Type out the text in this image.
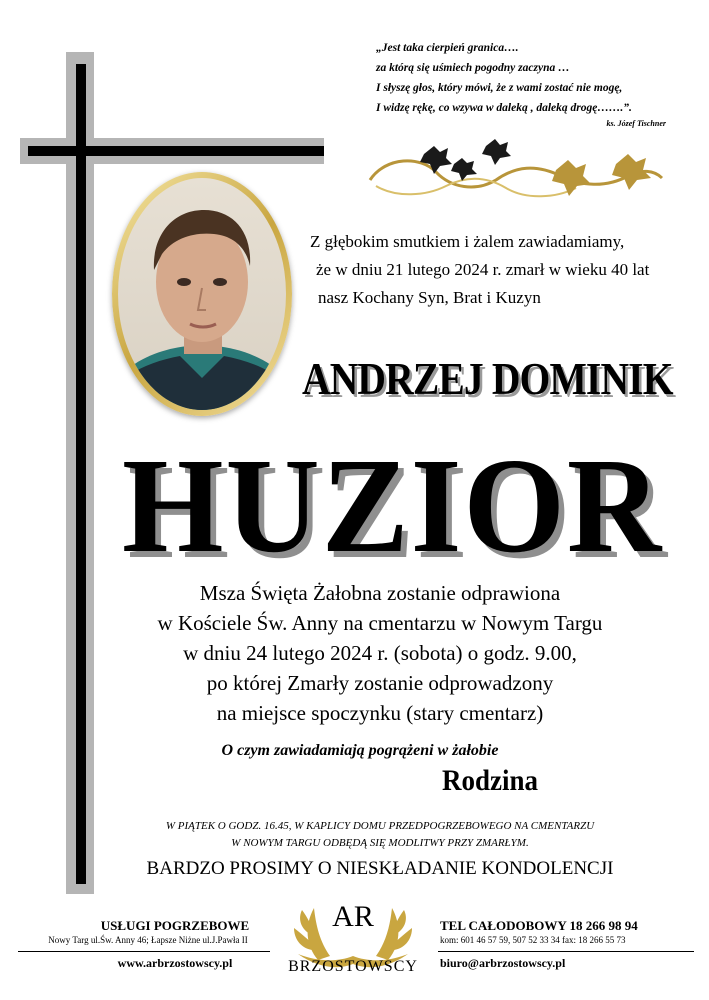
„Jest taka cierpień granica….
za którą się uśmiech pogodny zaczyna …
I słyszę głos, który mówi, że z wami zostać nie mogę,
I widzę rękę, co wzywa w daleką , daleką drogę…….”.
ks. Józef Tischner
Z głębokim smutkiem i żalem zawiadamiamy,
że w dniu 21 lutego 2024 r. zmarł w wieku 40 lat
nasz Kochany Syn, Brat i Kuzyn
ANDRZEJ DOMINIK
HUZIOR
Msza Święta Żałobna zostanie odprawiona
w Kościele Św. Anny na cmentarzu w Nowym Targu
w dniu 24 lutego 2024 r. (sobota) o godz. 9.00,
po której Zmarły zostanie odprowadzony
na miejsce spoczynku (stary cmentarz)
O czym zawiadamiają pogrążeni w żałobie
Rodzina
W PIĄTEK O GODZ. 16.45, W KAPLICY DOMU PRZEDPOGRZEBOWEGO NA CMENTARZU
W NOWYM TARGU ODBĘDĄ SIĘ MODLITWY PRZY ZMARŁYM.
BARDZO PROSIMY O NIESKŁADANIE KONDOLENCJI
USŁUGI POGRZEBOWE
Nowy Targ ul.Św. Anny 46; Łapsze Niżne ul.J.Pawła II
www.arbrzostowscy.pl
AR
BRZOSTOWSCY
TEL CAŁODOBOWY 18 266 98 94
kom: 601 46 57 59, 507 52 33 34 fax: 18 266 55 73
biuro@arbrzostowscy.pl
